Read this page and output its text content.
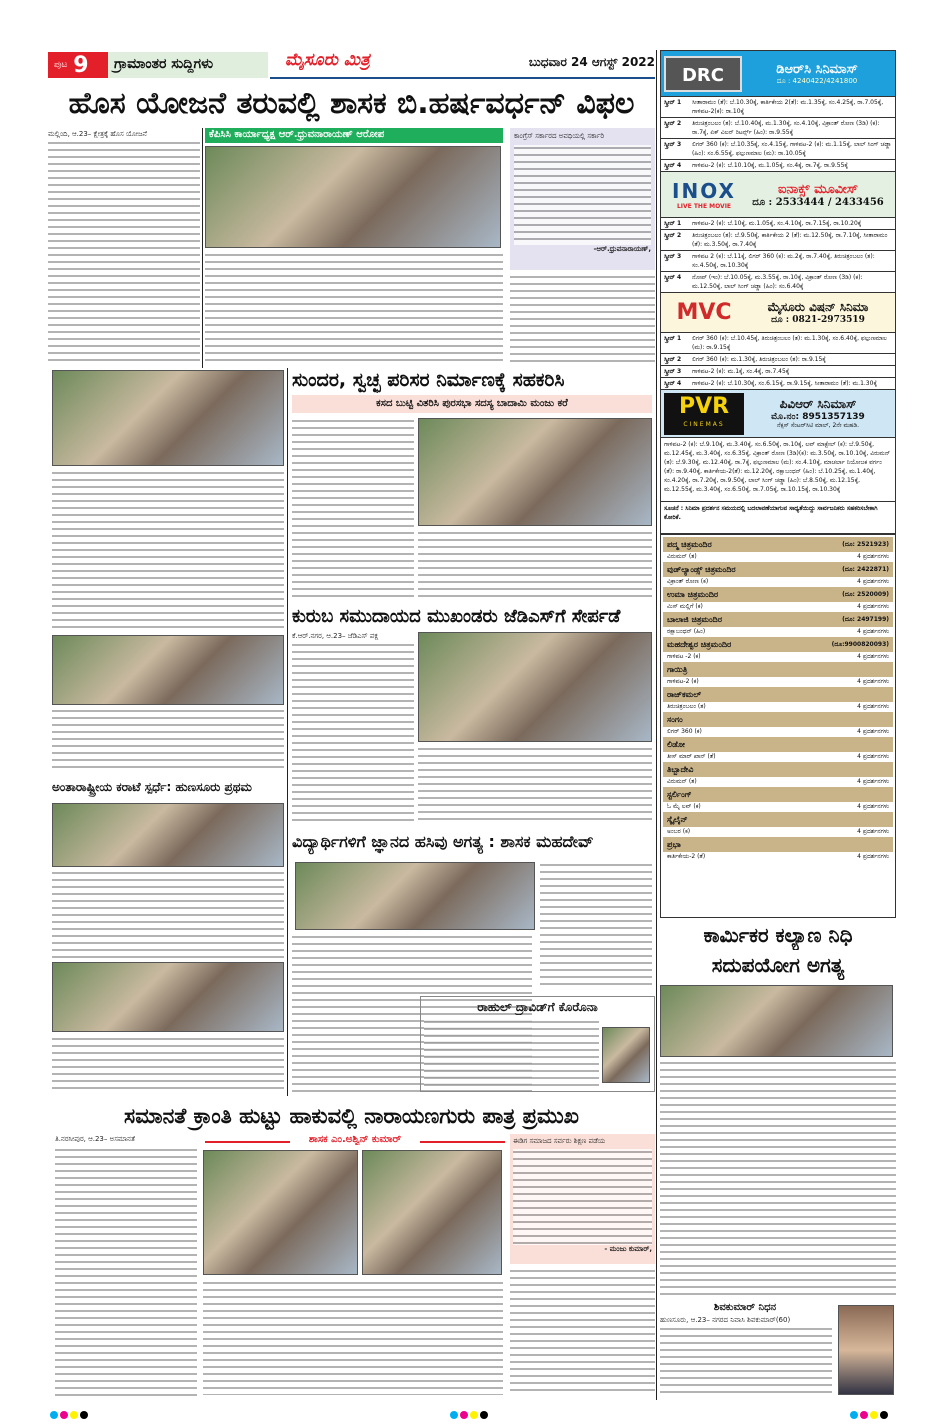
ಪುಟ 9	ಗ್ರಾಮಾಂತರ ಸುದ್ದಿಗಳು	ಮೈಸೂರು ಮಿತ್ರ	ಬುಧವಾರ 24 ಆಗಸ್ಟ್ 2022
ಹೊಸ ಯೋಜನೆ ತರುವಲ್ಲಿ ಶಾಸಕ ಬಿ.ಹರ್ಷವರ್ಧನ್ ವಿಫಲ
ಮಲ್ಲಿಂದಿ, ಆ.23– ಕ್ಷೇತ್ರಕ್ಕೆ ಹೊಸ ಯೋಜನೆ	ಕೆಪಿಸಿಸಿ ಕಾರ್ಯಾಧ್ಯಕ್ಷ ಆರ್.ಧ್ರುವನಾರಾಯಣ್ ಆರೋಪ	ಕಾಂಗ್ರೆಸ್ ಸರ್ಕಾರದ ಅವಧಿಯಲ್ಲಿ ಸರ್ಕಾರಿ
-ಆರ್.ಧ್ರುವನಾರಾಯಣ್,
ಸುಂದರ, ಸ್ವಚ್ಛ ಪರಿಸರ ನಿರ್ಮಾಣಕ್ಕೆ ಸಹಕರಿಸಿ
ಕಸದ ಬುಟ್ಟಿ ವಿತರಿಸಿ ಪುರಸಭಾ ಸದಸ್ಯ ಬಾದಾಮಿ ಮಂಜು ಕರೆ
ಕುರುಬ ಸಮುದಾಯದ ಮುಖಂಡರು ಜೆಡಿಎಸ್‌ಗೆ ಸೇರ್ಪಡೆ
ಕೆ.ಆರ್.ನಗರ, ಆ.23– ಜೆಡಿಎಸ್ ಪಕ್ಷ
ಅಂತಾರಾಷ್ಟ್ರೀಯ ಕರಾಟೆ ಸ್ಪರ್ಧೆ: ಹುಣಸೂರು ಪ್ರಥಮ
ವಿದ್ಯಾರ್ಥಿಗಳಿಗೆ ಜ್ಞಾನದ ಹಸಿವು ಅಗತ್ಯ : ಶಾಸಕ ಮಹದೇವ್
ರಾಹುಲ್ ದ್ರಾವಿಡ್‌ಗೆ ಕೊರೊನಾ
ಸಮಾನತೆ ಕ್ರಾಂತಿ ಹುಟ್ಟು ಹಾಕುವಲ್ಲಿ ನಾರಾಯಣಗುರು ಪಾತ್ರ ಪ್ರಮುಖ
ತಿ.ನರಸೀಪುರ, ಆ.23– ಅಸಮಾನತೆ	ಶಾಸಕ ಎಂ.ಅಶ್ವಿನ್ ಕುಮಾರ್	ಈಡಿಗ ಸಮಾಜದ ಸರ್ವರು ಶಿಕ್ಷಣ ಪಡೆಯ
- ಮಂಜು ಕುಮಾರ್,
DRC	ಡಿಆರ್‌ಸಿ ಸಿನಿಮಾಸ್
ದೂ : 4240422/4241800
ಸ್ಕ್ರೀನ್ 1	ಸೀತಾರಾಮಂ (ತೆ): ಬೆ.10.30ಕ್ಕೆ, ಕಾರ್ತಿಕೇಯ 2(ತೆ): ಮ.1.35ಕ್ಕೆ, ಸಂ.4.25ಕ್ಕೆ, ರಾ.7.05ಕ್ಕೆ, ಗಾಳಿಪಟ-2(ಕ): ರಾ.10ಕ್ಕೆ
ಸ್ಕ್ರೀನ್ 2	ತಿರುಚಿತ್ರಂಬಲಂ (ತ): ಬೆ.10.40ಕ್ಕೆ, ಮ.1.30ಕ್ಕೆ, ಸಂ.4.10ಕ್ಕೆ, ವಿಕ್ರಾಂತ್ ರೋಣ (3ಡಿ) (ಕ): ರಾ.7ಕ್ಕೆ, ಏಕ್ ವಿಲನ್ ರಿಟರ್ನ್ಸ್ (ಹಿಂ): ರಾ.9.55ಕ್ಕೆ
ಸ್ಕ್ರೀನ್ 3	ಲಿಗರ್ 360 (ಕ): ಬೆ.10.35ಕ್ಕೆ, ಸಂ.4.15ಕ್ಕೆ, ಗಾಳಿಪಟ-2 (ಕ): ಮ.1.15ಕ್ಕೆ, ಲಾಲ್ ಸಿಂಗ್ ಚಡ್ಡಾ (ಹಿಂ): ಸಂ.6.55ಕ್ಕೆ, ಫಲ್ಗುಣಮಾಲ (ಮ): ರಾ.10.05ಕ್ಕೆ
ಸ್ಕ್ರೀನ್ 4	ಗಾಳಿಪಟ-2 (ಕ): ಬೆ.10.10ಕ್ಕೆ, ಮ.1.05ಕ್ಕೆ, ಸಂ.4ಕ್ಕೆ, ರಾ.7ಕ್ಕೆ, ರಾ.9.55ಕ್ಕೆ
INOX
LIVE THE MOVIE
ಐನಾಕ್ಸ್ ಮೂವೀಸ್
ದೂ : 2533444 / 2433456
ಸ್ಕ್ರೀನ್ 1	ಗಾಳಿಪಟ-2 (ಕ): ಬೆ.10ಕ್ಕೆ, ಮ.1.05ಕ್ಕೆ, ಸಂ.4.10ಕ್ಕೆ, ರಾ.7.15ಕ್ಕೆ, ರಾ.10.20ಕ್ಕೆ
ಸ್ಕ್ರೀನ್ 2	ತಿರುಚಿತ್ರಂಬಲಂ (ತ): ಬೆ.9.50ಕ್ಕೆ, ಕಾರ್ತಿಕೇಯ 2 (ತೆ): ಮ.12.50ಕ್ಕೆ, ರಾ.7.10ಕ್ಕೆ, ಸೀತಾರಾಮಂ (ತೆ): ಮ.3.50ಕ್ಕೆ, ರಾ.7.40ಕ್ಕೆ
ಸ್ಕ್ರೀನ್ 3	ಗಾಳಿಪಟ 2 (ಕ): ಬೆ.11ಕ್ಕೆ, ಲಿಗರ್ 360 (ಕ): ಮ.2ಕ್ಕೆ, ರಾ.7.40ಕ್ಕೆ, ತಿರುಚಿತ್ರಂಬಲಂ (ತ): ಸಂ.4.50ಕ್ಕೆ, ರಾ.10.30ಕ್ಕೆ
ಸ್ಕ್ರೀನ್ 4	ನೋಪ್ (ಇಂ): ಬೆ.10.05ಕ್ಕೆ, ಮ.3.55ಕ್ಕೆ, ರಾ.10ಕ್ಕೆ, ವಿಕ್ರಾಂತ್ ರೋಣ (3ಡಿ) (ಕ): ಮ.12.50ಕ್ಕೆ, ಲಾಲ್ ಸಿಂಗ್ ಚಡ್ಡಾ (ಹಿಂ): ಸಂ.6.40ಕ್ಕೆ
MVC	ಮೈಸೂರು ವಿಷನ್ ಸಿನಿಮಾ
ದೂ : 0821-2973519
ಸ್ಕ್ರೀನ್ 1	ಲಿಗರ್ 360 (ಕ): ಬೆ.10.45ಕ್ಕೆ, ತಿರುಚಿತ್ರಂಬಲಂ (ತ): ಮ.1.30ಕ್ಕೆ, ಸಂ.6.40ಕ್ಕೆ, ಫಲ್ಗುಣಮಾಲ (ಮ): ರಾ.9.15ಕ್ಕೆ
ಸ್ಕ್ರೀನ್ 2	ಲಿಗರ್ 360 (ಕ): ಮ.1.30ಕ್ಕೆ, ತಿರುಚಿತ್ರಂಬಲಂ (ತ): ರಾ.9.15ಕ್ಕೆ
ಸ್ಕ್ರೀನ್ 3	ಗಾಳಿಪಟ-2 (ಕ): ಮ.1ಕ್ಕೆ, ಸಂ.4ಕ್ಕೆ, ರಾ.7.45ಕ್ಕೆ
ಸ್ಕ್ರೀನ್ 4	ಗಾಳಿಪಟ-2 (ಕ): ಬೆ.10.30ಕ್ಕೆ, ಸಂ.6.15ಕ್ಕೆ, ರಾ.9.15ಕ್ಕೆ, ಸೀತಾರಾಮಂ (ತೆ): ಮ.1.30ಕ್ಕೆ
PVR
CINEMAS
ಪಿವಿಆರ್ ಸಿನಿಮಾಸ್
ಮೊ.ನಂ: 8951357139
ನೆಕ್ಸಸ್ ಸೆಂಟರ್‌ಸಿಟಿ ಮಾಲ್, 2ನೇ ಮಹಡಿ.
ಗಾಳಿಪಟ-2 (ಕ): ಬೆ.9.10ಕ್ಕೆ, ಮ.3.40ಕ್ಕೆ, ಸಂ.6.50ಕ್ಕೆ, ರಾ.10ಕ್ಕೆ, ಲವ್ ಮಾಕ್ಟೇಲ್ (ಕ): ಬೆ.9.50ಕ್ಕೆ, ಮ.12.45ಕ್ಕೆ, ಮ.3.40ಕ್ಕೆ, ಸಂ.6.35ಕ್ಕೆ, ವಿಕ್ರಾಂತ್ ರೋಣ (3ಡಿ)(ಕ): ಮ.3.50ಕ್ಕೆ, ರಾ.10.10ಕ್ಕೆ, ವಿರುಮನ್ (ತ): ಬೆ.9.30ಕ್ಕೆ, ಮ.12.40ಕ್ಕೆ, ರಾ.7ಕ್ಕೆ, ಫಲ್ಗುಣಮಾಲ (ಮ): ಸಂ.4.10ಕ್ಕೆ, ಮಾಚರ್ಲಾ ನಿಯೋಜಕ ವರ್ಗಂ (ತೆ): ರಾ.9.40ಕ್ಕೆ, ಕಾರ್ತಿಕೇಯ-2(ತೆ): ಮ.12.20ಕ್ಕೆ, ರಕ್ಷಾಬಂಧನ್ (ಹಿಂ): ಬೆ.10.25ಕ್ಕೆ, ಮ.1.40ಕ್ಕೆ, ಸಂ.4.20ಕ್ಕೆ, ರಾ.7.20ಕ್ಕೆ, ರಾ.9.50ಕ್ಕೆ, ಲಾಲ್ ಸಿಂಗ್ ಚಡ್ಡಾ (ಹಿಂ): ಬೆ.8.50ಕ್ಕೆ, ಮ.12.15ಕ್ಕೆ, ಮ.12.55ಕ್ಕೆ, ಮ.3.40ಕ್ಕೆ, ಸಂ.6.50ಕ್ಕೆ, ರಾ.7.05ಕ್ಕೆ, ರಾ.10.15ಕ್ಕೆ, ರಾ.10.30ಕ್ಕೆ
ಸೂಚನೆ : ಸಿನಿಮಾ ಪ್ರದರ್ಶನ ಸಮಯದಲ್ಲಿ ಬದಲಾವಣೆಯಾಗುವ ಸಾಧ್ಯತೆಯಿದ್ದು ಸಾರ್ವಜನಿಕರು ಸಹಕರಿಸಬೇಕಾಗಿ ಕೋರಿಕೆ.
ಪದ್ಮ ಚಿತ್ರಮಂದಿರ	(ದೂ: 2521923)
ವಿರುಮನ್ (ತ)	4 ಪ್ರದರ್ಶನಗಳು
ವುಡ್‌ಲ್ಯಾಂಡ್ಸ್ ಚಿತ್ರಮಂದಿರ	(ದೂ: 2422871)
ವಿಕ್ರಾಂತ್ ರೋಣ (ಕ)	4 ಪ್ರದರ್ಶನಗಳು
ಉಮಾ ಚಿತ್ರಮಂದಿರ	(ದೂ: 2520009)
ಮಿಸ್ ಮಲ್ಲಿಗೆ (ಕ)	4 ಪ್ರದರ್ಶನಗಳು
ಬಾಲಾಜಿ ಚಿತ್ರಮಂದಿರ	(ದೂ: 2497199)
ರಕ್ಷಾಬಂಧನ್ (ಹಿಂ)	4 ಪ್ರದರ್ಶನಗಳು
ಮಹದೇಶ್ವರ ಚಿತ್ರಮಂದಿರ	(ದೂ:9900820093)
ಗಾಳಿಪಟ -2 (ಕ)	4 ಪ್ರದರ್ಶನಗಳು
ಗಾಯಿತ್ರಿ
ಗಾಳಿಪಟ-2 (ಕ)	4 ಪ್ರದರ್ಶನಗಳು
ರಾಜ್‌ಕಮಲ್
ತಿರುಚಿತ್ರಂಬಲಂ (ತ)	4 ಪ್ರದರ್ಶನಗಳು
ಸಂಗಂ
ಲಿಗರ್ 360 (ಕ)	4 ಪ್ರದರ್ಶನಗಳು
ಲಿಡೋ
ತೀಸ್ ಮಾರ್ ಖಾನ್ (ತೆ)	4 ಪ್ರದರ್ಶನಗಳು
ತಿಬ್ಬಾದೇವಿ
ವಿರುಮನ್ (ತ)	4 ಪ್ರದರ್ಶನಗಳು
ಸ್ಟರ್ಲಿಂಗ್
ಓ ಮೈ ಲವ್ (ಕ)	4 ಪ್ರದರ್ಶನಗಳು
ಸ್ಕೈಲೈನ್
ಅಂಬರ (ಕ)	4 ಪ್ರದರ್ಶನಗಳು
ಪ್ರಭಾ
ಕಾರ್ತಿಕೇಯ-2 (ತೆ)	4 ಪ್ರದರ್ಶನಗಳು
ಕಾರ್ಮಿಕರ ಕಲ್ಯಾಣ ನಿಧಿ
ಸದುಪಯೋಗ ಅಗತ್ಯ
ಶಿವಕುಮಾರ್ ನಿಧನ
ಹುಣಸೂರು, ಆ.23– ನಗರದ ನಿವಾಸಿ ಶಿವಕುಮಾರ್(60)
